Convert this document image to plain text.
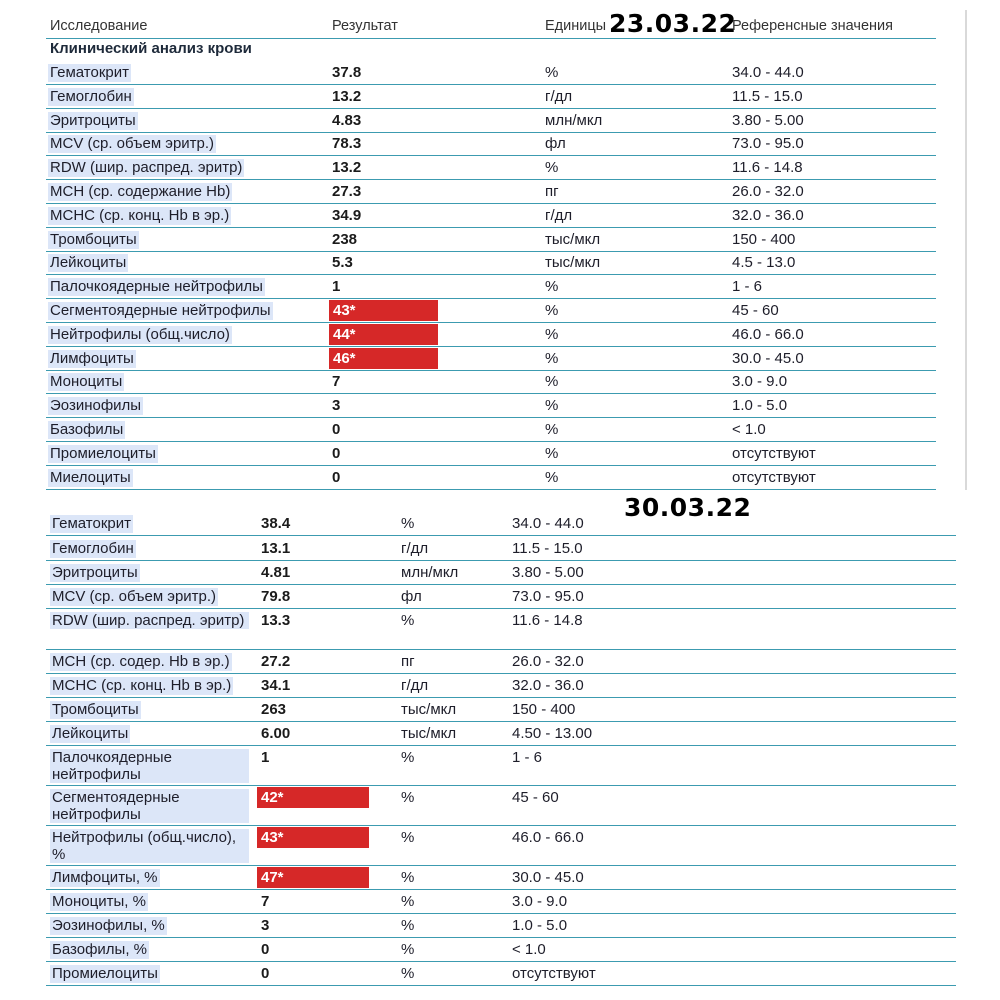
Исследование	Результат	Единицы 23.03.22
Референсные значения
Клинический анализ крови
Гематокрит	37.8	%	34.0 - 44.0
Гемоглобин	13.2	г/дл	11.5 - 15.0
Эритроциты	4.83	млн/мкл	3.80 - 5.00
MCV (ср. объем эритр.)	78.3	фл	73.0 - 95.0
RDW (шир. распред. эритр)	13.2	%	11.6 - 14.8
MCH (ср. содержание Hb)	27.3	пг	26.0 - 32.0
MCHC (ср. конц. Hb в эр.)	34.9	г/дл	32.0 - 36.0
Тромбоциты	238	тыс/мкл	150 - 400
Лейкоциты	5.3	тыс/мкл	4.5 - 13.0
Палочкоядерные нейтрофилы	1	%	1 - 6
Сегментоядерные нейтрофилы	43*	%	45 - 60
Нейтрофилы (общ.число)	44*	%	46.0 - 66.0
Лимфоциты	46*	%	30.0 - 45.0
Моноциты	7	%	3.0 - 9.0
Эозинофилы	3	%	1.0 - 5.0
Базофилы	0	%	< 1.0
Промиелоциты	0	%	отсутствуют
Миелоциты	0	%	отсутствуют
30.03.22
Гематокрит	38.4	%	34.0 - 44.0
Гемоглобин	13.1	г/дл	11.5 - 15.0
Эритроциты	4.81	млн/мкл	3.80 - 5.00
MCV (ср. объем эритр.)	79.8	фл	73.0 - 95.0
RDW (шир. распред. эритр)	13.3	%	11.6 - 14.8
MCH (ср. содер. Hb в эр.) 27.2	пг	26.0 - 32.0
MCHC (ср. конц. Hb в эр.) 34.1	г/дл	32.0 - 36.0
Тромбоциты	263	тыс/мкл	150 - 400
Лейкоциты	6.00	тыс/мкл	4.50 - 13.00
Палочкоядерные нейтрофилы
1	%	1 - 6
Сегментоядерные нейтрофилы
42*	%	45 - 60
Нейтрофилы (общ.число), %
43*	%	46.0 - 66.0
Лимфоциты, %	47*	%	30.0 - 45.0
Моноциты, %	7	%	3.0 - 9.0
Эозинофилы, %	3	%	1.0 - 5.0
Базофилы, %	0	%	< 1.0
Промиелоциты	0	%	отсутствуют
